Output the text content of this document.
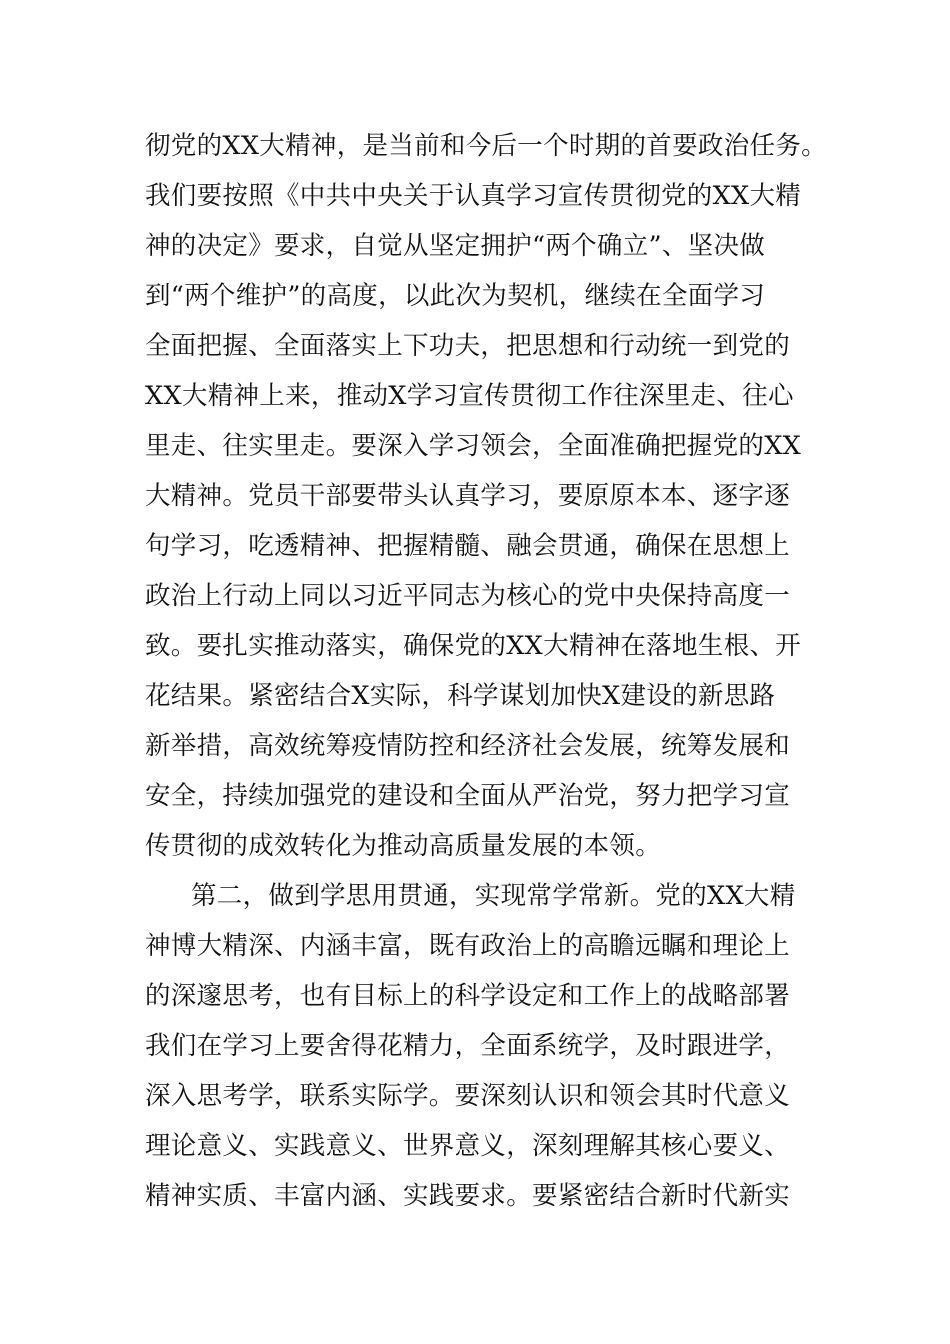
彻党的XX大精神，是当前和今后一个时期的首要政治任务。
我们要按照《中共中央关于认真学习宣传贯彻党的XX大精
神的决定》要求，自觉从坚定拥护“两个确立”、坚决做
到“两个维护”的高度，以此次为契机，继续在全面学习
全面把握、全面落实上下功夫，把思想和行动统一到党的
XX大精神上来，推动X学习宣传贯彻工作往深里走、往心
里走、往实里走。要深入学习领会，全面准确把握党的XX
大精神。党员干部要带头认真学习，要原原本本、逐字逐
句学习，吃透精神、把握精髓、融会贯通，确保在思想上
政治上行动上同以习近平同志为核心的党中央保持高度一
致。要扎实推动落实，确保党的XX大精神在落地生根、开
花结果。紧密结合X实际，科学谋划加快X建设的新思路
新举措，高效统筹疫情防控和经济社会发展，统筹发展和
安全，持续加强党的建设和全面从严治党，努力把学习宣
传贯彻的成效转化为推动高质量发展的本领。
第二，做到学思用贯通，实现常学常新。党的XX大精
神博大精深、内涵丰富，既有政治上的高瞻远瞩和理论上
的深邃思考，也有目标上的科学设定和工作上的战略部署
我们在学习上要舍得花精力，全面系统学，及时跟进学，
深入思考学，联系实际学。要深刻认识和领会其时代意义
理论意义、实践意义、世界意义，深刻理解其核心要义、
精神实质、丰富内涵、实践要求。要紧密结合新时代新实
